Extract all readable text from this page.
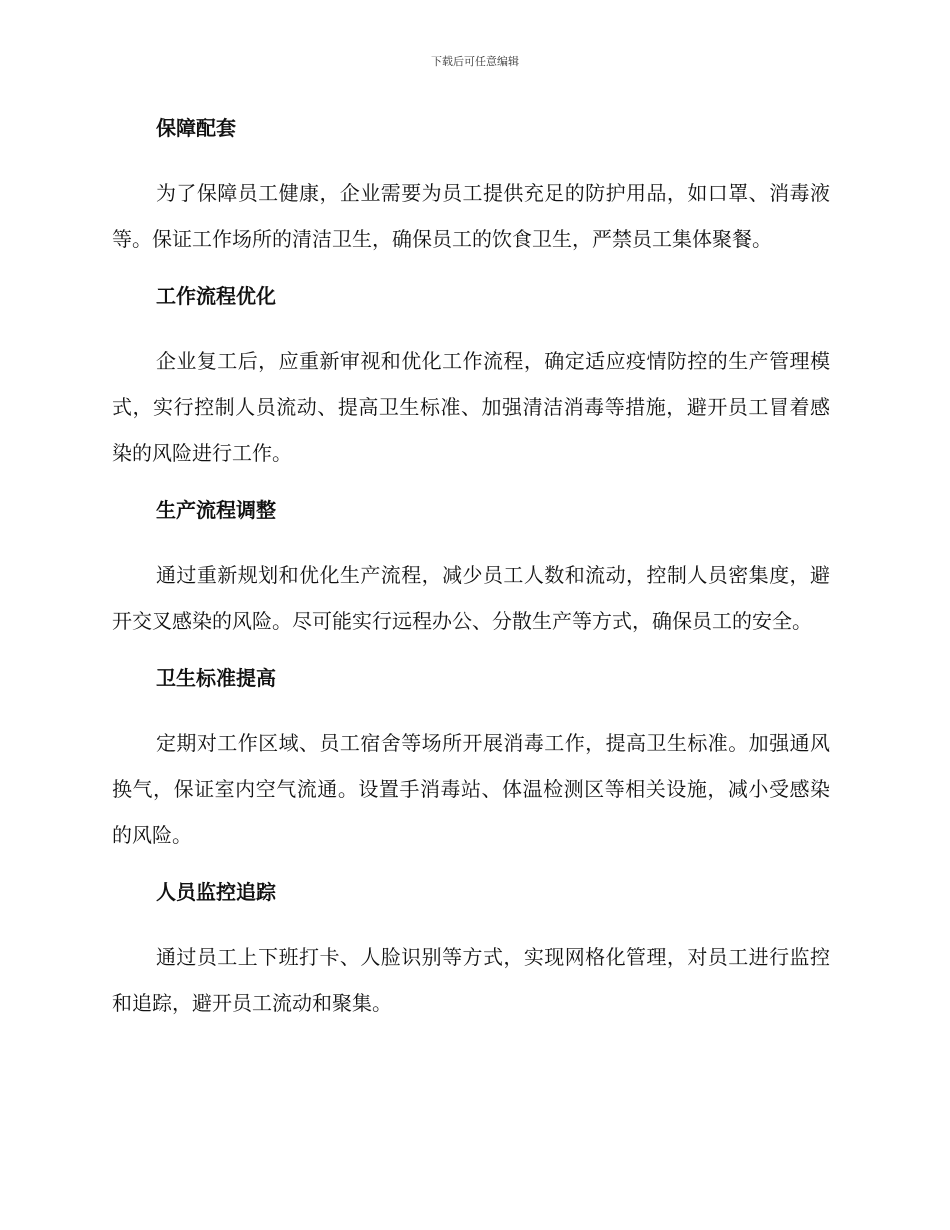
下载后可任意编辑
保障配套

为了保障员工健康，企业需要为员工提供充足的防护用品，如口罩、消毒液等。保证工作场所的清洁卫生，确保员工的饮食卫生，严禁员工集体聚餐。

工作流程优化

企业复工后，应重新审视和优化工作流程，确定适应疫情防控的生产管理模式，实行控制人员流动、提高卫生标准、加强清洁消毒等措施，避开员工冒着感染的风险进行工作。

生产流程调整

通过重新规划和优化生产流程，减少员工人数和流动，控制人员密集度，避开交叉感染的风险。尽可能实行远程办公、分散生产等方式，确保员工的安全。

卫生标准提高

定期对工作区域、员工宿舍等场所开展消毒工作，提高卫生标准。加强通风换气，保证室内空气流通。设置手消毒站、体温检测区等相关设施，减小受感染的风险。

人员监控追踪

通过员工上下班打卡、人脸识别等方式，实现网格化管理，对员工进行监控和追踪，避开员工流动和聚集。
